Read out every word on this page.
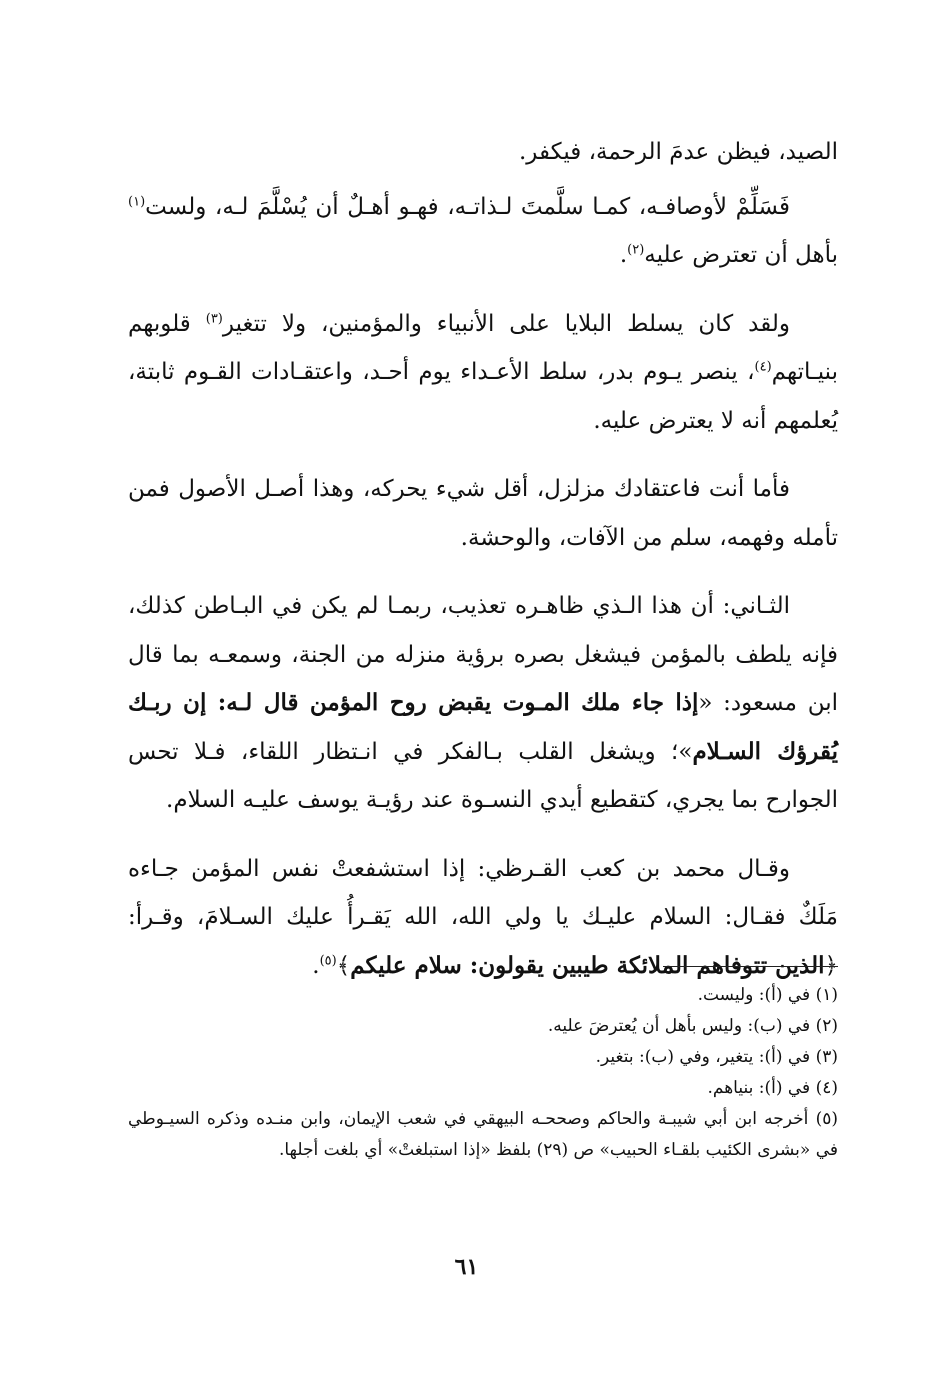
الصيد، فيظن عدمَ الرحمة، فيكفر.

فَسَلِّمْ لأوصافـه، كمـا سلَّمتَ لـذاتـه، فهـو أهـلٌ أن يُسْلَّمَ لـه، ولست$^{(١)}$ بأهل أن تعترض عليه$^{(٢)}$.

ولقد كان يسلط البلايا على الأنبياء والمؤمنين، ولا تتغير$^{(٣)}$ قلوبهم بنيـاتهم$^{(٤)}$، ينصر يـوم بدر، سلط الأعـداء يوم أحـد، واعتقـادات القـوم ثابتة، يُعلمهم أنه لا يعترض عليه.

فأما أنت فاعتقادك مزلزل، أقل شيء يحركه، وهذا أصـل الأصول فمن تأمله وفهمه، سلم من الآفات، والوحشة.

الثـاني: أن هذا الـذي ظاهـره تعذيب، ربمـا لم يكن في البـاطن كذلك، فإنه يلطف بالمؤمن فيشغل بصره برؤية منزله من الجنة، وسمعـه بما قال ابن مسعود: «إذا جاء ملك المـوت يقبض روح المؤمن قال لـه: إن ربـك يُقرؤك السـلام»؛ ويشغل القلب بـالفكر في انـتظار اللقاء، فـلا تحس الجوارح بما يجري، كتقطيع أيدي النسـوة عند رؤيـة يوسف عليـه السلام.

وقـال محمد بن كعب القـرظي: إذا استشفعتْ نفس المؤمن جـاءه مَلَكٌ فقـال: السلام عليـك يا ولي الله، الله يَقـرأُ عليك السـلامَ، وقـرأ: ﴿الذين تتوفاهم الملائكة طيبين يقولون: سلام عليكم﴾$^{(٥)}$.

(١) في (أ): وليست.

(٢) في (ب): وليس بأهل أن يُعترضَ عليه.

(٣) في (أ): يتغير، وفي (ب): بتغير.

(٤) في (أ): بنياهم.

(٥) أخرجه ابن أبي شيبـة والحاكم وصححـه البيهقي في شعب الإيمان، وابن منـده وذكره السيـوطي في «بشرى الكئيب بلقـاء الحبيب» ص (٢٩) بلفظ «إذا استبلغتْ» أي بلغت أجلها.

٦١
